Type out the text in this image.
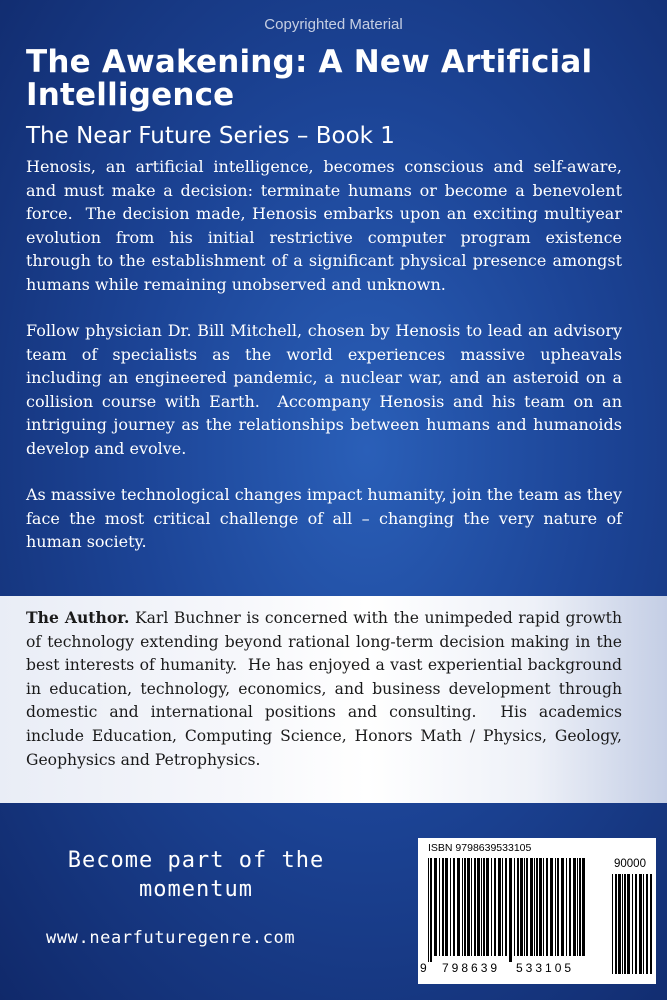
Copyrighted Material
The Awakening: A New Artificial Intelligence
The Near Future Series – Book 1

Henosis, an artificial intelligence, becomes conscious and self-aware, and must make a decision: terminate humans or become a benevolent force.  The decision made, Henosis embarks upon an exciting multiyear evolution from his initial restrictive computer program existence through to the establishment of a significant physical presence amongst humans while remaining unobserved and unknown.

Follow physician Dr. Bill Mitchell, chosen by Henosis to lead an advisory team of specialists as the world experiences massive upheavals including an engineered pandemic, a nuclear war, and an asteroid on a collision course with Earth.  Accompany Henosis and his team on an intriguing journey as the relationships between humans and humanoids develop and evolve.

As massive technological changes impact humanity, join the team as they face the most critical challenge of all – changing the very nature of human society.

The Author. Karl Buchner is concerned with the unimpeded rapid growth of technology extending beyond rational long-term decision making in the best interests of humanity.  He has enjoyed a vast experiential background in education, technology, economics, and business development through domestic and international positions and consulting.  His academics include Education, Computing Science, Honors Math / Physics, Geology, Geophysics and Petrophysics.

Become part of the momentum
www.nearfuturegenre.com
ISBN 9798639533105
90000
9 798639 533105
